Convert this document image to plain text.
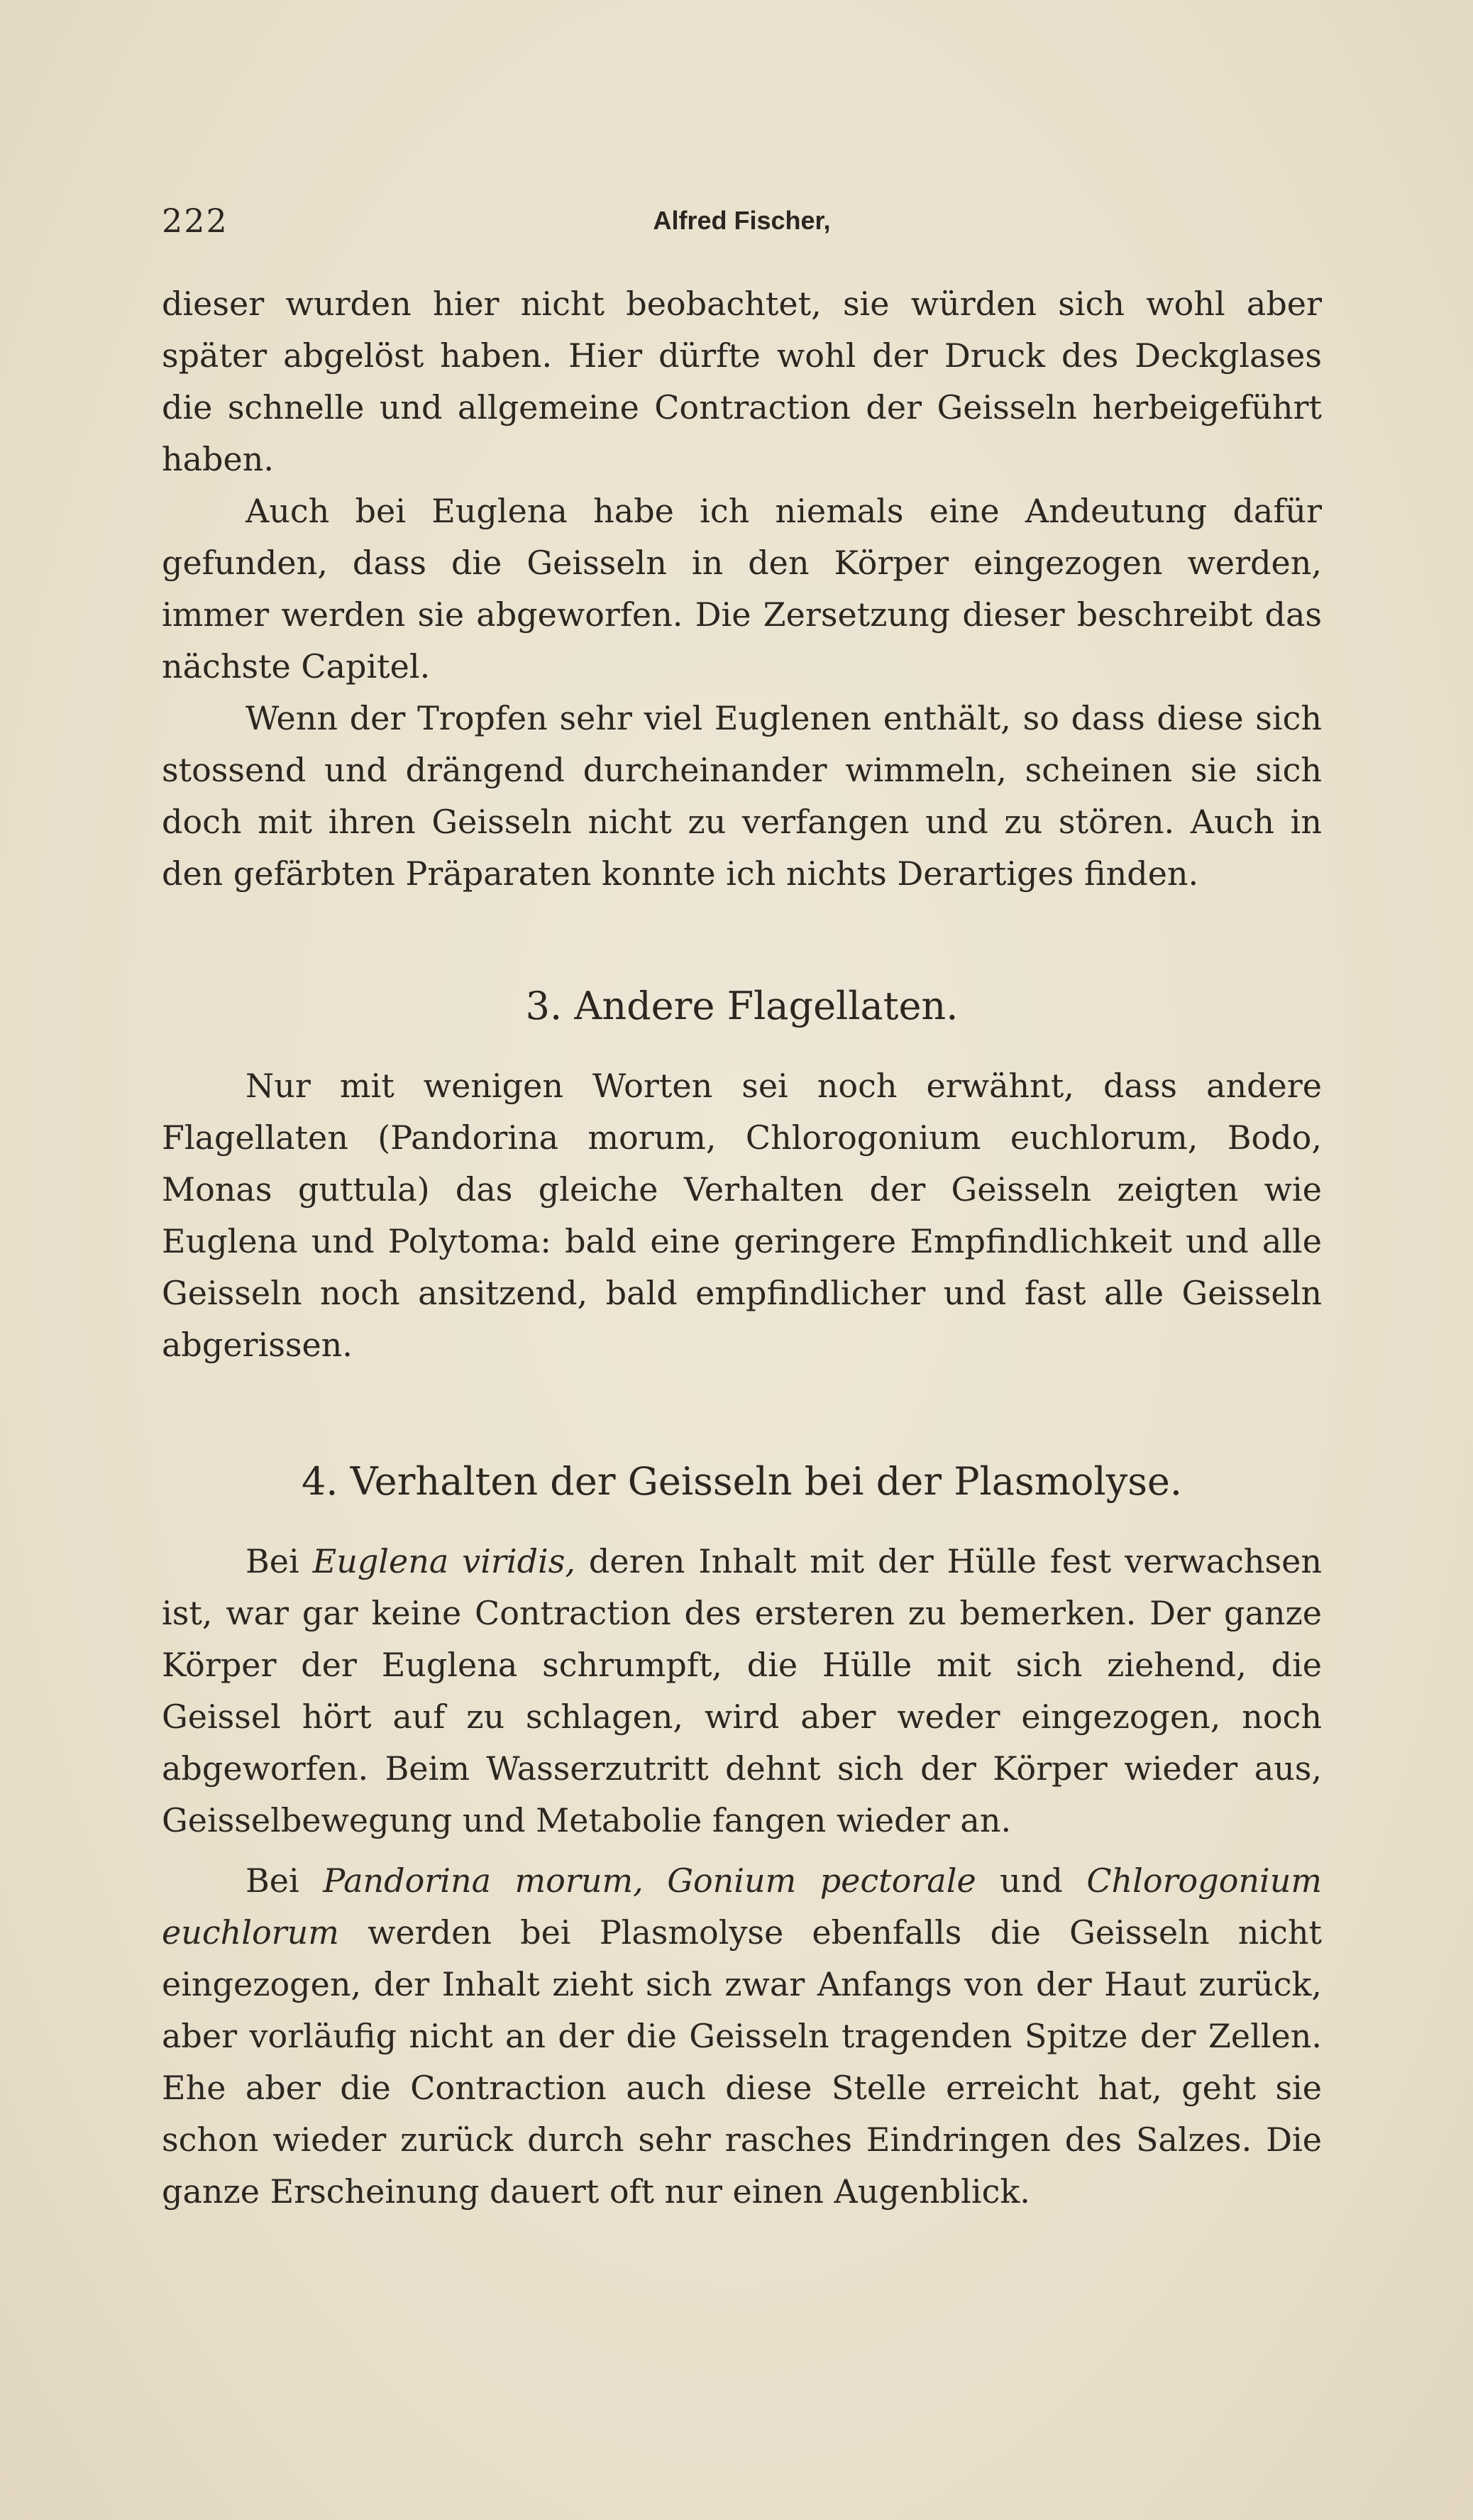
222	Alfred Fischer,

dieser wurden hier nicht beobachtet, sie würden sich wohl aber später abgelöst haben. Hier dürfte wohl der Druck des Deckglases die schnelle und allgemeine Contraction der Geisseln herbeigeführt haben.

Auch bei Euglena habe ich niemals eine Andeutung dafür gefunden, dass die Geisseln in den Körper eingezogen werden, immer werden sie abgeworfen. Die Zersetzung dieser beschreibt das nächste Capitel.

Wenn der Tropfen sehr viel Euglenen enthält, so dass diese sich stossend und drängend durcheinander wimmeln, scheinen sie sich doch mit ihren Geisseln nicht zu verfangen und zu stören. Auch in den gefärbten Präparaten konnte ich nichts Derartiges finden.

3. Andere Flagellaten.

Nur mit wenigen Worten sei noch erwähnt, dass andere Flagellaten (Pandorina morum, Chlorogonium euchlorum, Bodo, Monas guttula) das gleiche Verhalten der Geisseln zeigten wie Euglena und Polytoma: bald eine geringere Empfindlichkeit und alle Geisseln noch ansitzend, bald empfindlicher und fast alle Geisseln abgerissen.

4. Verhalten der Geisseln bei der Plasmolyse.

Bei Euglena viridis, deren Inhalt mit der Hülle fest verwachsen ist, war gar keine Contraction des ersteren zu bemerken. Der ganze Körper der Euglena schrumpft, die Hülle mit sich ziehend, die Geissel hört auf zu schlagen, wird aber weder eingezogen, noch abgeworfen. Beim Wasserzutritt dehnt sich der Körper wieder aus, Geisselbewegung und Metabolie fangen wieder an.

Bei Pandorina morum, Gonium pectorale und Chlorogonium euchlorum werden bei Plasmolyse ebenfalls die Geisseln nicht eingezogen, der Inhalt zieht sich zwar Anfangs von der Haut zurück, aber vorläufig nicht an der die Geisseln tragenden Spitze der Zellen. Ehe aber die Contraction auch diese Stelle erreicht hat, geht sie schon wieder zurück durch sehr rasches Eindringen des Salzes. Die ganze Erscheinung dauert oft nur einen Augenblick.
